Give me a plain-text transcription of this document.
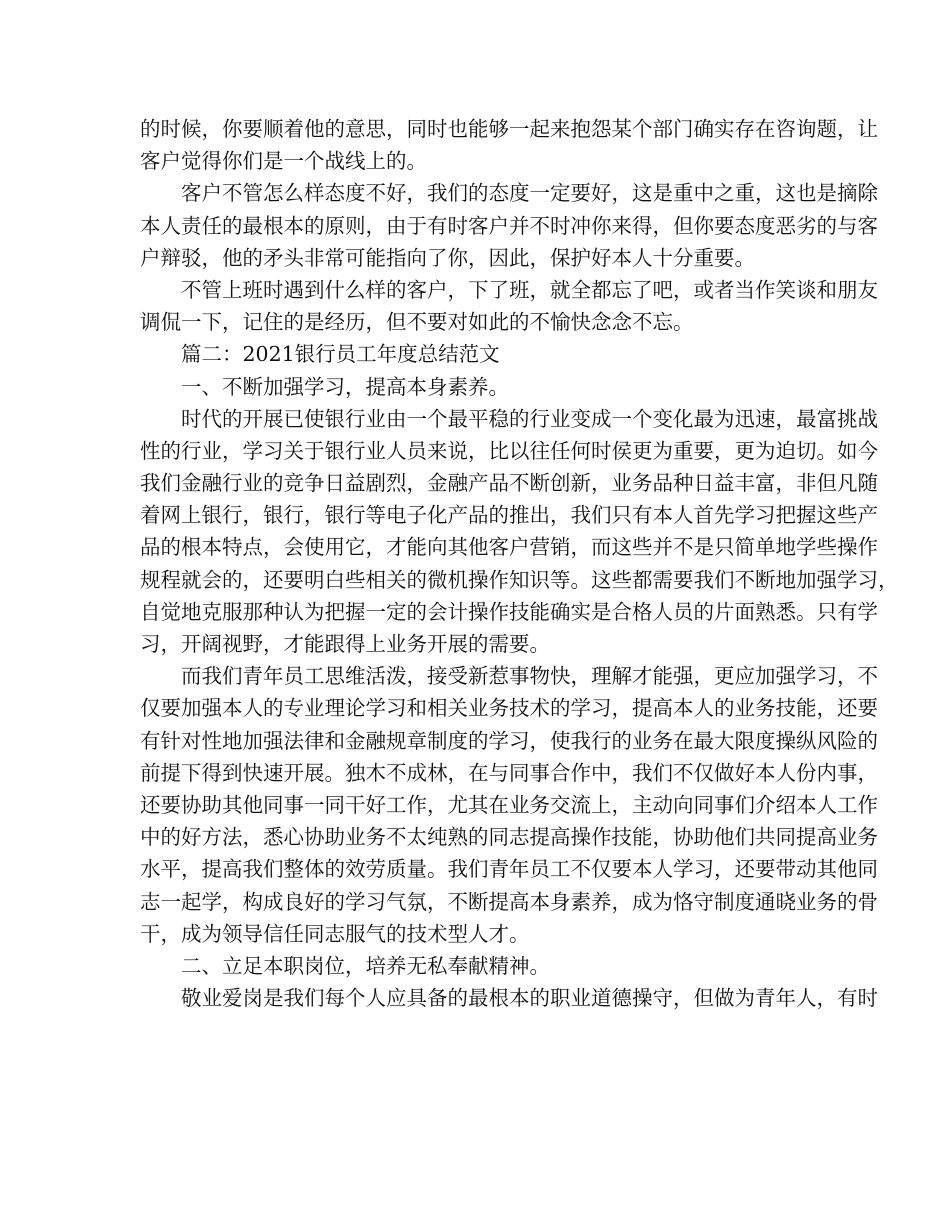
的时候，你要顺着他的意思，同时也能够一起来抱怨某个部门确实存在咨询题，让
客户觉得你们是一个战线上的。
客户不管怎么样态度不好，我们的态度一定要好，这是重中之重，这也是摘除
本人责任的最根本的原则，由于有时客户并不时冲你来得，但你要态度恶劣的与客
户辩驳，他的矛头非常可能指向了你，因此，保护好本人十分重要。
不管上班时遇到什么样的客户，下了班，就全都忘了吧，或者当作笑谈和朋友
调侃一下，记住的是经历，但不要对如此的不愉快念念不忘。
篇二：2021银行员工年度总结范文
一、不断加强学习，提高本身素养。
时代的开展已使银行业由一个最平稳的行业变成一个变化最为迅速，最富挑战
性的行业，学习关于银行业人员来说，比以往任何时侯更为重要，更为迫切。如今
我们金融行业的竞争日益剧烈，金融产品不断创新，业务品种日益丰富，非但凡随
着网上银行，银行，银行等电子化产品的推出，我们只有本人首先学习把握这些产
品的根本特点，会使用它，才能向其他客户营销，而这些并不是只简单地学些操作
规程就会的，还要明白些相关的微机操作知识等。这些都需要我们不断地加强学习，
自觉地克服那种认为把握一定的会计操作技能确实是合格人员的片面熟悉。只有学
习，开阔视野，才能跟得上业务开展的需要。
而我们青年员工思维活泼，接受新惹事物快，理解才能强，更应加强学习，不
仅要加强本人的专业理论学习和相关业务技术的学习，提高本人的业务技能，还要
有针对性地加强法律和金融规章制度的学习，使我行的业务在最大限度操纵风险的
前提下得到快速开展。独木不成林，在与同事合作中，我们不仅做好本人份内事，
还要协助其他同事一同干好工作，尤其在业务交流上，主动向同事们介绍本人工作
中的好方法，悉心协助业务不太纯熟的同志提高操作技能，协助他们共同提高业务
水平，提高我们整体的效劳质量。我们青年员工不仅要本人学习，还要带动其他同
志一起学，构成良好的学习气氛，不断提高本身素养，成为恪守制度通晓业务的骨
干，成为领导信任同志服气的技术型人才。
二、立足本职岗位，培养无私奉献精神。
敬业爱岗是我们每个人应具备的最根本的职业道德操守，但做为青年人，有时
